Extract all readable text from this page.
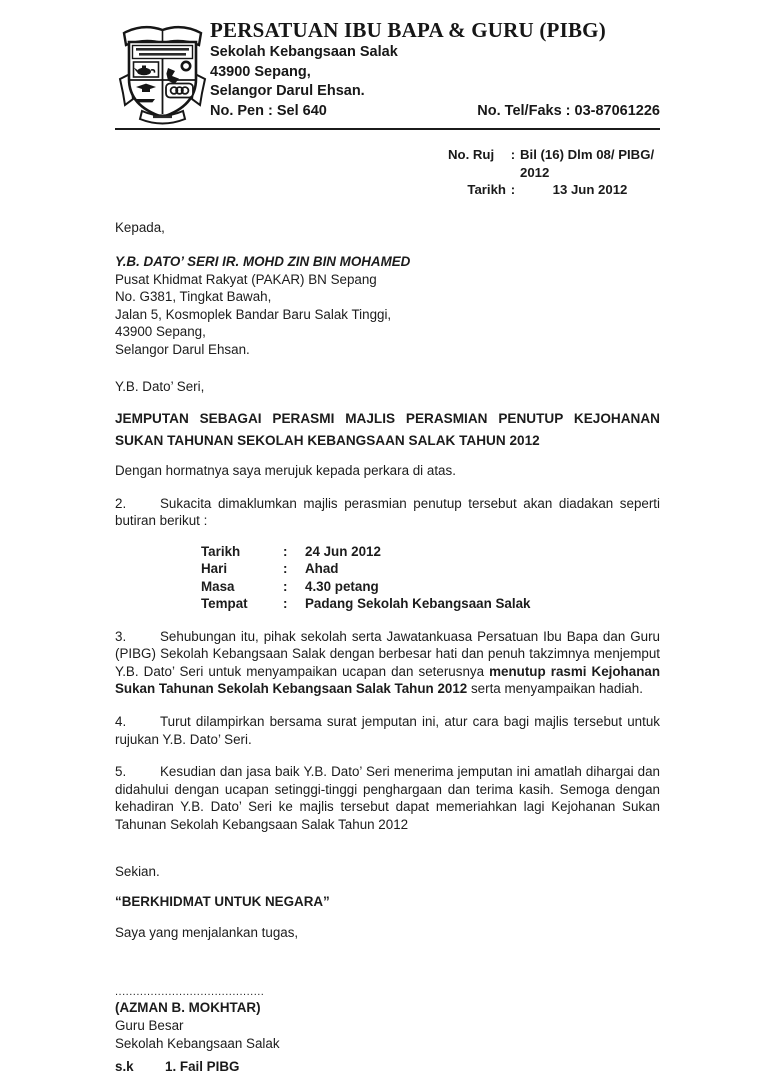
PERSATUAN IBU BAPA & GURU (PIBG)
Sekolah Kebangsaan Salak
43900 Sepang,
Selangor Darul Ehsan.
No. Pen : Sel 640	No. Tel/Faks : 03-87061226
No. Ruj	: Bil (16) Dlm 08/ PIBG/ 2012
Tarikh :	13 Jun 2012
Kepada,
Y.B. DATO’ SERI IR. MOHD ZIN BIN MOHAMED
Pusat Khidmat Rakyat (PAKAR) BN Sepang
No. G381, Tingkat Bawah,
Jalan 5, Kosmoplek Bandar Baru Salak Tinggi,
43900 Sepang,
Selangor Darul Ehsan.
Y.B. Dato’ Seri,
JEMPUTAN SEBAGAI PERASMI MAJLIS PERASMIAN PENUTUP KEJOHANAN SUKAN TAHUNAN SEKOLAH KEBANGSAAN SALAK TAHUN 2012
Dengan hormatnya saya merujuk kepada perkara di atas.
2.	Sukacita dimaklumkan majlis perasmian penutup tersebut akan diadakan seperti butiran berikut :
Tarikh	:	24 Jun 2012
Hari	:	Ahad
Masa	:	4.30 petang
Tempat	:	Padang Sekolah Kebangsaan Salak
3.	Sehubungan itu, pihak sekolah serta Jawatankuasa Persatuan Ibu Bapa dan Guru (PIBG) Sekolah Kebangsaan Salak dengan berbesar hati dan penuh takzimnya menjemput Y.B. Dato’ Seri untuk menyampaikan ucapan dan seterusnya menutup rasmi Kejohanan Sukan Tahunan Sekolah Kebangsaan Salak Tahun 2012 serta menyampaikan hadiah.
4.	Turut dilampirkan bersama surat jemputan ini, atur cara bagi majlis tersebut untuk rujukan Y.B. Dato’ Seri.
5.	Kesudian dan jasa baik Y.B. Dato’ Seri menerima jemputan ini amatlah dihargai dan didahului dengan ucapan setinggi-tinggi penghargaan dan terima kasih. Semoga dengan kehadiran Y.B. Dato’ Seri ke majlis tersebut dapat memeriahkan lagi Kejohanan Sukan Tahunan Sekolah Kebangsaan Salak Tahun 2012
Sekian.
“BERKHIDMAT UNTUK NEGARA”
Saya yang menjalankan tugas,
..........................................
(AZMAN B. MOKHTAR)
Guru Besar
Sekolah Kebangsaan Salak
s.k	1. Fail PIBG
